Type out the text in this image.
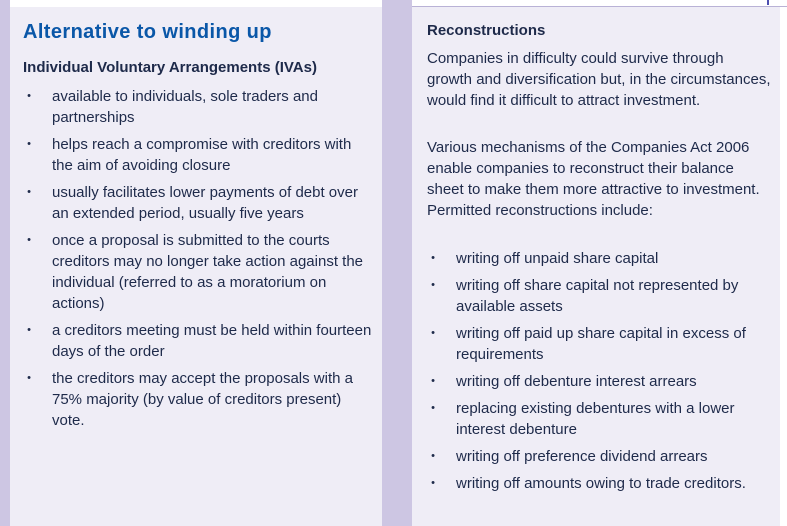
Alternative to winding up
Individual Voluntary Arrangements (IVAs)
• available to individuals, sole traders and partnerships
• helps reach a compromise with creditors with the aim of avoiding closure
• usually facilitates lower payments of debt over an extended period, usually five years
• once a proposal is submitted to the courts creditors may no longer take action against the individual (referred to as a moratorium on actions)
• a creditors meeting must be held within fourteen days of the order
• the creditors may accept the proposals with a 75% majority (by value of creditors present) vote.
Reconstructions

Companies in difficulty could survive through growth and diversification but, in the circumstances, would find it difficult to attract investment.

Various mechanisms of the Companies Act 2006 enable companies to reconstruct their balance sheet to make them more attractive to investment. Permitted reconstructions include:

• writing off unpaid share capital
• writing off share capital not represented by available assets
• writing off paid up share capital in excess of requirements
• writing off debenture interest arrears
• replacing existing debentures with a lower interest debenture
• writing off preference dividend arrears
• writing off amounts owing to trade creditors.
